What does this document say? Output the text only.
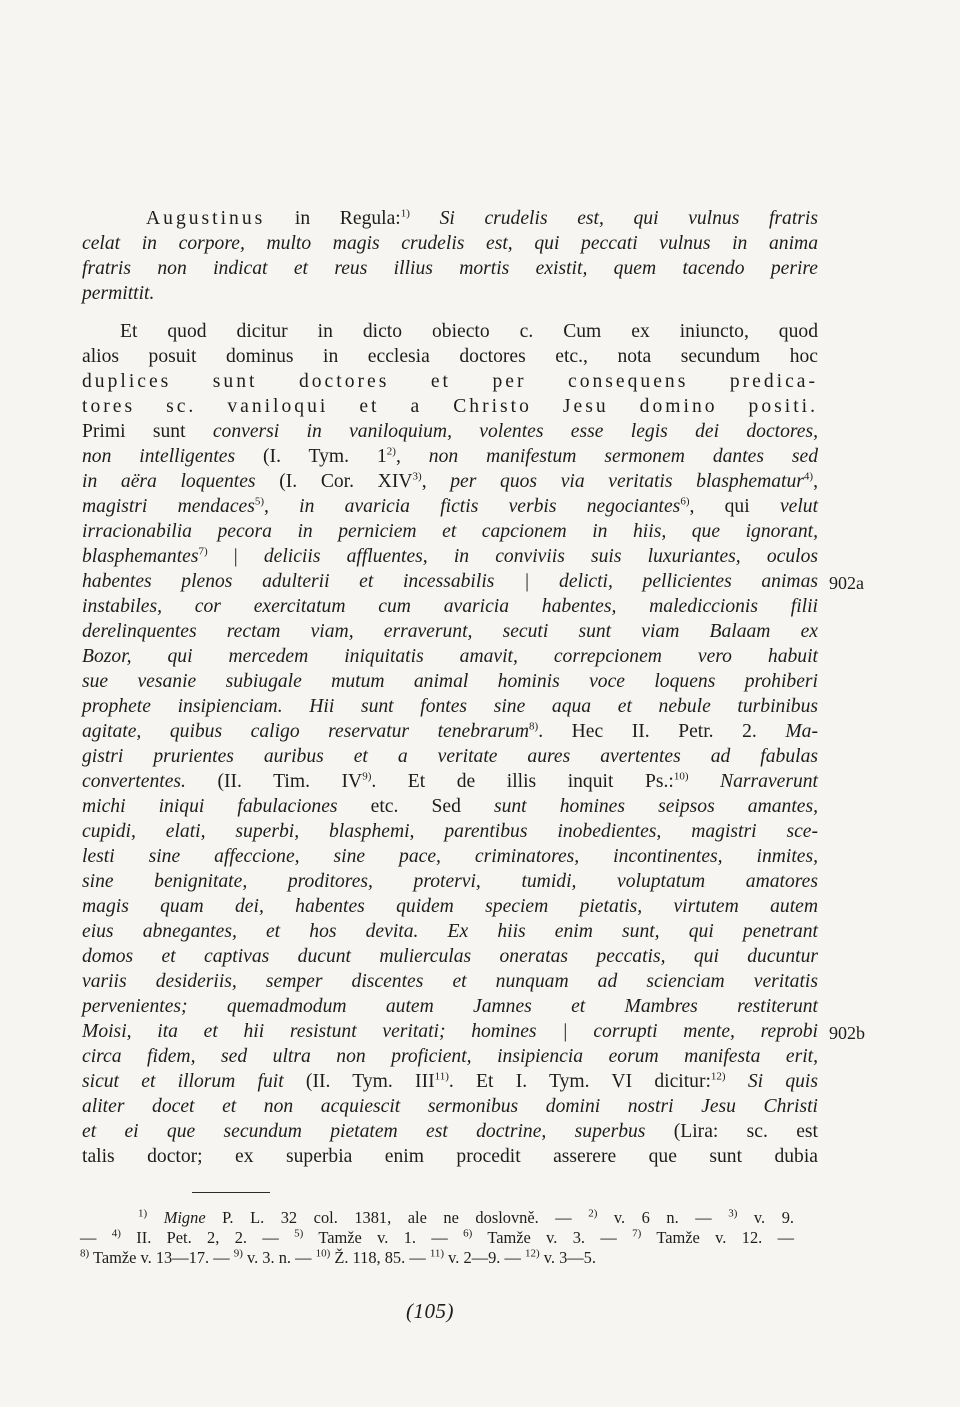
Augustinus in Regula:$^{1)}$ Si crudelis est, qui vulnus fratris
celat in corpore, multo magis crudelis est, qui peccati vulnus in anima
fratris non indicat et reus illius mortis existit, quem tacendo perire
permittit.
Et quod dicitur in dicto obiecto c. Cum ex iniuncto, quod
alios posuit dominus in ecclesia doctores etc., nota secundum hoc
duplices sunt doctores et per consequens predica-
tores sc. vaniloqui et a Christo Jesu domino positi.
Primi sunt conversi in vaniloquium, volentes esse legis dei doctores,
non intelligentes (I. Tym. 1$^{2)}$, non manifestum sermonem dantes sed
in aëra loquentes (I. Cor. XIV$^{3)}$, per quos via veritatis blasphematur$^{4)}$,
magistri mendaces$^{5)}$, in avaricia fictis verbis negociantes$^{6)}$, qui velut
irracionabilia pecora in perniciem et capcionem in hiis, que ignorant,
blasphemantes$^{7)}$ | deliciis affluentes, in conviviis suis luxuriantes, oculos
habentes plenos adulterii et incessabilis | delicti, pellicientes animas
instabiles, cor exercitatum cum avaricia habentes, malediccionis filii
derelinquentes rectam viam, erraverunt, secuti sunt viam Balaam ex
Bozor, qui mercedem iniquitatis amavit, correpcionem vero habuit
sue vesanie subiugale mutum animal hominis voce loquens prohiberi
prophete insipienciam. Hii sunt fontes sine aqua et nebule turbinibus
agitate, quibus caligo reservatur tenebrarum$^{8)}$. Hec II. Petr. 2. Ma-
gistri prurientes auribus et a veritate aures avertentes ad fabulas
convertentes. (II. Tim. IV$^{9)}$. Et de illis inquit Ps.:$^{10)}$ Narraverunt
michi iniqui fabulaciones etc. Sed sunt homines seipsos amantes,
cupidi, elati, superbi, blasphemi, parentibus inobedientes, magistri sce-
lesti sine affeccione, sine pace, criminatores, incontinentes, inmites,
sine benignitate, proditores, protervi, tumidi, voluptatum amatores
magis quam dei, habentes quidem speciem pietatis, virtutem autem
eius abnegantes, et hos devita. Ex hiis enim sunt, qui penetrant
domos et captivas ducunt mulierculas oneratas peccatis, qui ducuntur
variis desideriis, semper discentes et nunquam ad scienciam veritatis
pervenientes; quemadmodum autem Jamnes et Mambres restiterunt
Moisi, ita et hii resistunt veritati; homines | corrupti mente, reprobi
circa fidem, sed ultra non proficient, insipiencia eorum manifesta erit,
sicut et illorum fuit (II. Tym. III$^{11)}$. Et I. Tym. VI dicitur:$^{12)}$ Si quis
aliter docet et non acquiescit sermonibus domini nostri Jesu Christi
et ei que secundum pietatem est doctrine, superbus (Lira: sc. est
talis doctor; ex superbia enim procedit asserere que sunt dubia
902a
902b
$^{1)}$ Migne P. L. 32 col. 1381, ale ne doslovně. — $^{2)}$ v. 6 n. — $^{3)}$ v. 9.
— $^{4)}$ II. Pet. 2, 2. — $^{5)}$ Tamže v. 1. — $^{6)}$ Tamže v. 3. — $^{7)}$ Tamže v. 12. —
$^{8)}$ Tamže v. 13—17. — $^{9)}$ v. 3. n. — $^{10)}$ Ž. 118, 85. — $^{11)}$ v. 2—9. — $^{12)}$ v. 3—5.
(105)
